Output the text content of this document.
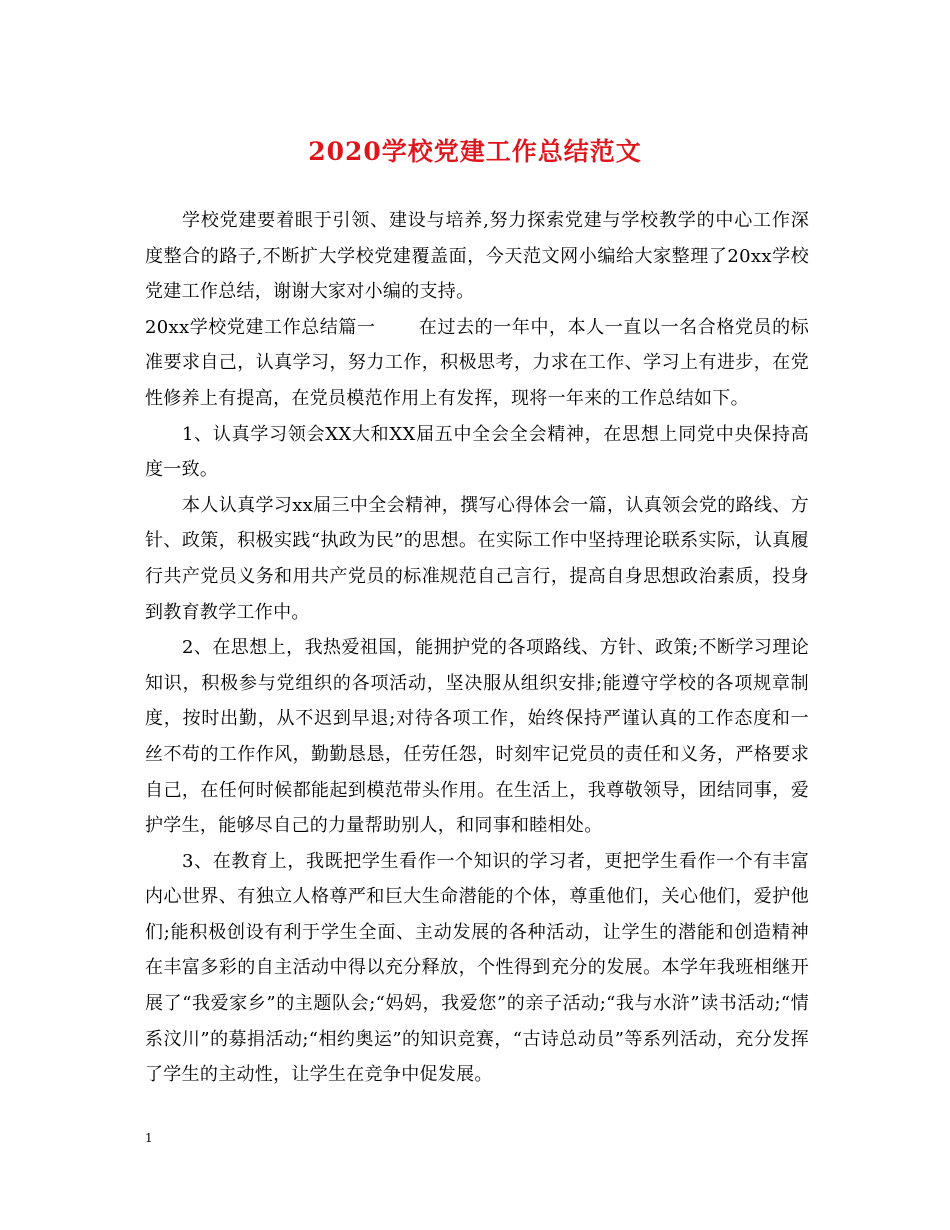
2020学校党建工作总结范文

学校党建要着眼于引领、建设与培养,努力探索党建与学校教学的中心工作深度整合的路子,不断扩大学校党建覆盖面，今天范文网小编给大家整理了20xx学校党建工作总结，谢谢大家对小编的支持。

20xx学校党建工作总结篇一 在过去的一年中，本人一直以一名合格党员的标准要求自己，认真学习，努力工作，积极思考，力求在工作、学习上有进步，在党性修养上有提高，在党员模范作用上有发挥，现将一年来的工作总结如下。

1、认真学习领会XX大和XX届五中全会全会精神，在思想上同党中央保持高度一致。

本人认真学习xx届三中全会精神，撰写心得体会一篇，认真领会党的路线、方针、政策，积极实践“执政为民”的思想。在实际工作中坚持理论联系实际，认真履行共产党员义务和用共产党员的标准规范自己言行，提高自身思想政治素质，投身到教育教学工作中。

2、在思想上，我热爱祖国，能拥护党的各项路线、方针、政策;不断学习理论知识，积极参与党组织的各项活动，坚决服从组织安排;能遵守学校的各项规章制度，按时出勤，从不迟到早退;对待各项工作，始终保持严谨认真的工作态度和一丝不苟的工作作风，勤勤恳恳，任劳任怨，时刻牢记党员的责任和义务，严格要求自己，在任何时候都能起到模范带头作用。在生活上，我尊敬领导，团结同事，爱护学生，能够尽自己的力量帮助别人，和同事和睦相处。

3、在教育上，我既把学生看作一个知识的学习者，更把学生看作一个有丰富内心世界、有独立人格尊严和巨大生命潜能的个体，尊重他们，关心他们，爱护他们;能积极创设有利于学生全面、主动发展的各种活动，让学生的潜能和创造精神在丰富多彩的自主活动中得以充分释放，个性得到充分的发展。本学年我班相继开展了“我爱家乡”的主题队会;“妈妈，我爱您”的亲子活动;“我与水浒”读书活动;“情系汶川”的募捐活动;“相约奥运”的知识竞赛，“古诗总动员”等系列活动，充分发挥了学生的主动性，让学生在竞争中促发展。

1
